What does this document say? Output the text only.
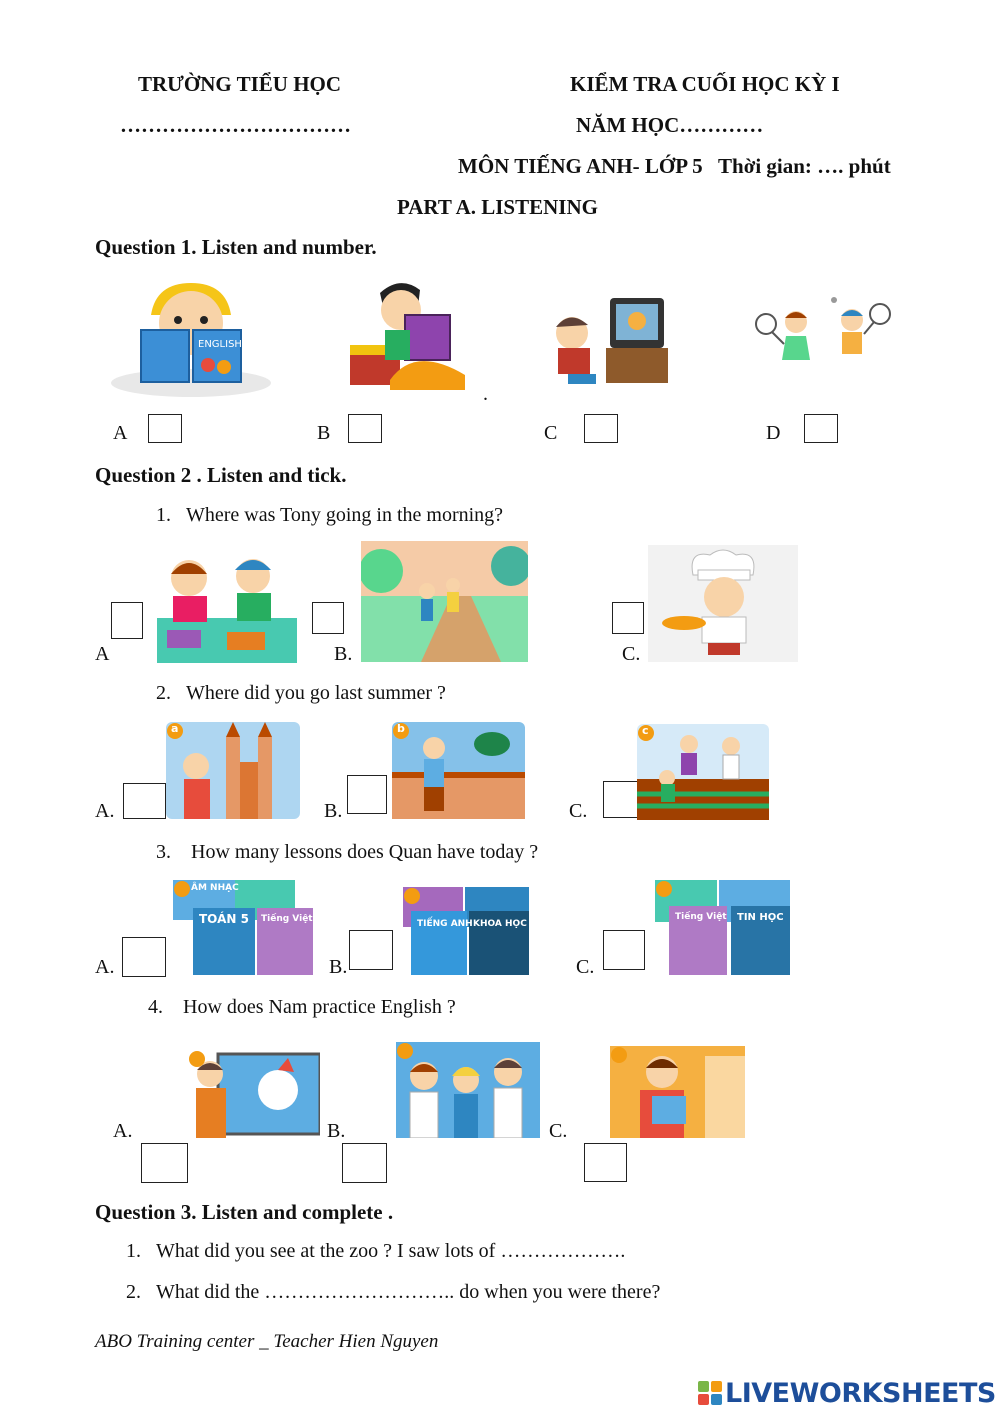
TRƯỜNG TIỂU HỌC
……………………………
KIỂM TRA CUỐI HỌC KỲ I
NĂM HỌC…………
MÔN TIẾNG ANH- LỚP 5   Thời gian: …. phút
PART A. LISTENING
Question 1. Listen and number.
ENGLISH
.
A	B	C	D
Question 2 . Listen and tick.
1. Where was Tony going in the morning?
A	B.	C.
2. Where did you go last summer ?
A.
a
B.
b
C.
c
3. How many lessons does Quan have today ?
A.
ÂM NHẠC
TOÁN 5 Tiếng Việt
B.
TIẾNG ANH KHOA HỌC
C.
Tiếng Việt TIN HỌC
4. How does Nam practice English ?
A.	B.	C.
Question 3. Listen and complete .
1. What did you see at the zoo ? I saw lots of ……………….
2. What did the ……………………….. do when you were there?
ABO Training center _ Teacher Hien Nguyen
LIVEWORKSHEETS
